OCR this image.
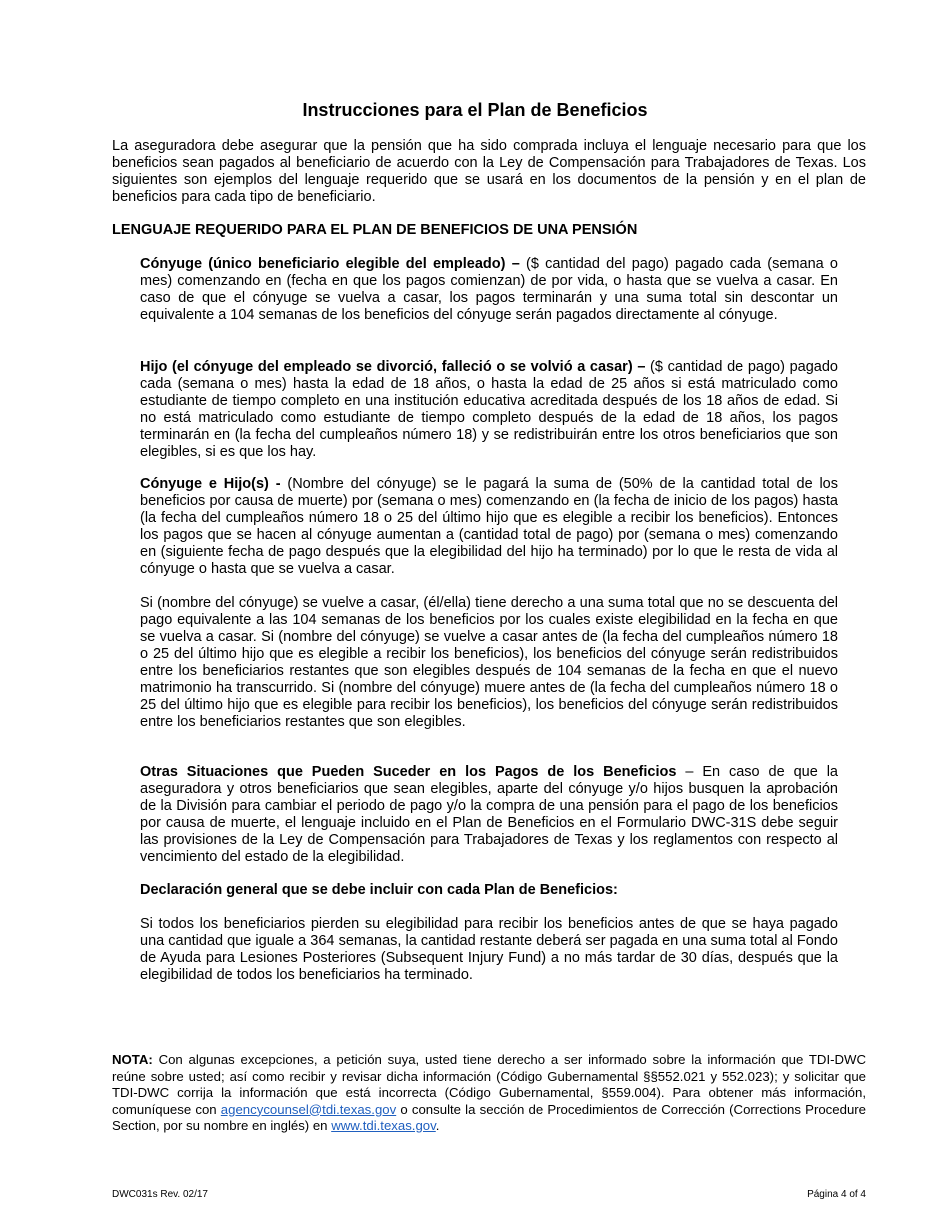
Instrucciones para el Plan de Beneficios
La aseguradora debe asegurar que la pensión que ha sido comprada incluya el lenguaje necesario para que los beneficios sean pagados al beneficiario de acuerdo con la Ley de Compensación para Trabajadores de Texas. Los siguientes son ejemplos del lenguaje requerido que se usará en los documentos de la pensión y en el plan de beneficios para cada tipo de beneficiario.
LENGUAJE REQUERIDO PARA EL PLAN DE BENEFICIOS DE UNA PENSIÓN

Cónyuge (único beneficiario elegible del empleado) – ($ cantidad del pago) pagado cada (semana o mes) comenzando en (fecha en que los pagos comienzan) de por vida, o hasta que se vuelva a casar. En caso de que el cónyuge se vuelva a casar, los pagos terminarán y una suma total sin descontar un equivalente a 104 semanas de los beneficios del cónyuge serán pagados directamente al cónyuge.

Hijo (el cónyuge del empleado se divorció, falleció o se volvió a casar) – ($ cantidad de pago) pagado cada (semana o mes) hasta la edad de 18 años, o hasta la edad de 25 años si está matriculado como estudiante de tiempo completo en una institución educativa acreditada después de los 18 años de edad. Si no está matriculado como estudiante de tiempo completo después de la edad de 18 años, los pagos terminarán en (la fecha del cumpleaños número 18) y se redistribuirán entre los otros beneficiarios que son elegibles, si es que los hay.

Cónyuge e Hijo(s) - (Nombre del cónyuge) se le pagará la suma de (50% de la cantidad total de los beneficios por causa de muerte) por (semana o mes) comenzando en (la fecha de inicio de los pagos) hasta (la fecha del cumpleaños número 18 o 25 del último hijo que es elegible a recibir los beneficios). Entonces los pagos que se hacen al cónyuge aumentan a (cantidad total de pago) por (semana o mes) comenzando en (siguiente fecha de pago después que la elegibilidad del hijo ha terminado) por lo que le resta de vida al cónyuge o hasta que se vuelva a casar.

Si (nombre del cónyuge) se vuelve a casar, (él/ella) tiene derecho a una suma total que no se descuenta del pago equivalente a las 104 semanas de los beneficios por los cuales existe elegibilidad en la fecha en que se vuelva a casar. Si (nombre del cónyuge) se vuelve a casar antes de (la fecha del cumpleaños número 18 o 25 del último hijo que es elegible a recibir los beneficios), los beneficios del cónyuge serán redistribuidos entre los beneficiarios restantes que son elegibles después de 104 semanas de la fecha en que el nuevo matrimonio ha transcurrido. Si (nombre del cónyuge) muere antes de (la fecha del cumpleaños número 18 o 25 del último hijo que es elegible para recibir los beneficios), los beneficios del cónyuge serán redistribuidos entre los beneficiarios restantes que son elegibles.

Otras Situaciones que Pueden Suceder en los Pagos de los Beneficios – En caso de que la aseguradora y otros beneficiarios que sean elegibles, aparte del cónyuge y/o hijos busquen la aprobación de la División para cambiar el periodo de pago y/o la compra de una pensión para el pago de los beneficios por causa de muerte, el lenguaje incluido en el Plan de Beneficios en el Formulario DWC-31S debe seguir las provisiones de la Ley de Compensación para Trabajadores de Texas y los reglamentos con respecto al vencimiento del estado de la elegibilidad.

Declaración general que se debe incluir con cada Plan de Beneficios:

Si todos los beneficiarios pierden su elegibilidad para recibir los beneficios antes de que se haya pagado una cantidad que iguale a 364 semanas, la cantidad restante deberá ser pagada en una suma total al Fondo de Ayuda para Lesiones Posteriores (Subsequent Injury Fund) a no más tardar de 30 días, después que la elegibilidad de todos los beneficiarios ha terminado.

NOTA: Con algunas excepciones, a petición suya, usted tiene derecho a ser informado sobre la información que TDI-DWC reúne sobre usted; así como recibir y revisar dicha información (Código Gubernamental §§552.021 y 552.023); y solicitar que TDI-DWC corrija la información que está incorrecta (Código Gubernamental, §559.004). Para obtener más información, comuníquese con agencycounsel@tdi.texas.gov o consulte la sección de Procedimientos de Corrección (Corrections Procedure Section, por su nombre en inglés) en www.tdi.texas.gov.
DWC031s Rev. 02/17	Página 4 of 4
